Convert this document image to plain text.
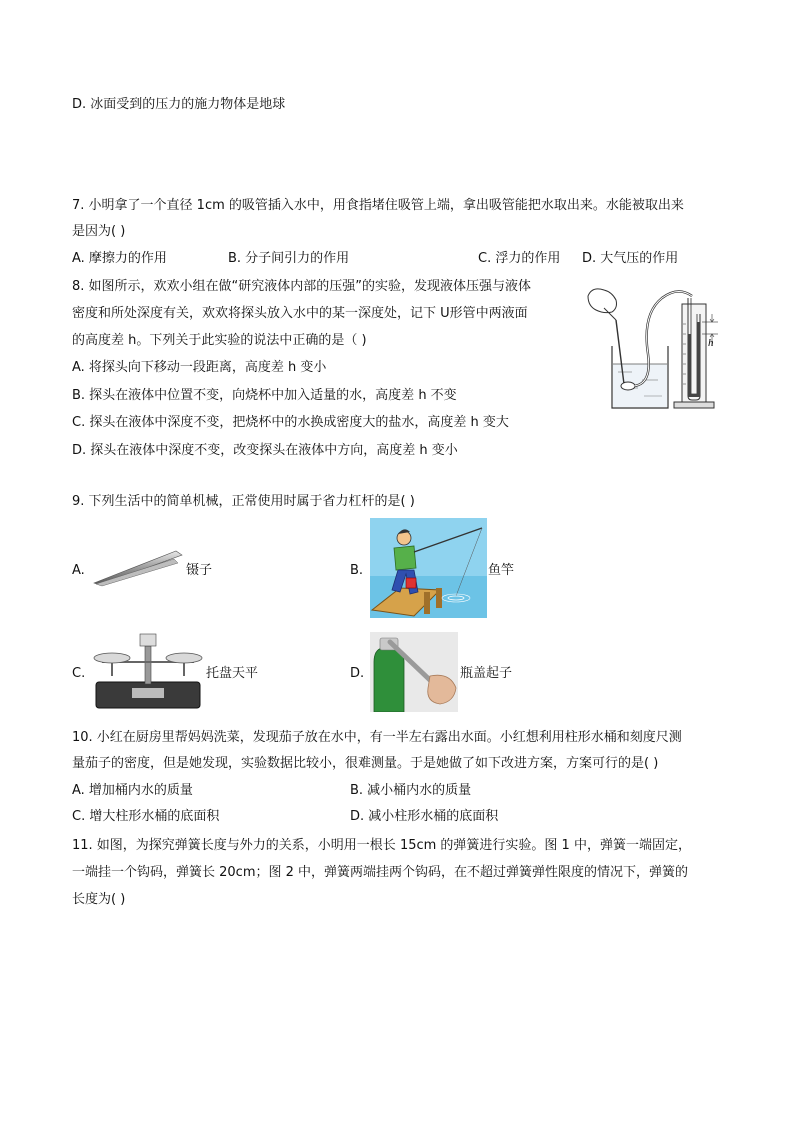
D. 冰面受到的压力的施力物体是地球
7. 小明拿了一个直径 1cm 的吸管插入水中，用食指堵住吸管上端，拿出吸管能把水取出来。水能被取出来
是因为( )
A. 摩擦力的作用	B. 分子间引力的作用	C. 浮力的作用 D. 大气压的作用
8. 如图所示，欢欢小组在做“研究液体内部的压强”的实验，发现液体压强与液体
密度和所处深度有关，欢欢将探头放入水中的某一深度处，记下 U形管中两液面
的高度差 h。下列关于此实验的说法中正确的是（ )
A. 将探头向下移动一段距离，高度差 h 变小
B. 探头在液体中位置不变，向烧杯中加入适量的水，高度差 h 不变
C. 探头在液体中深度不变，把烧杯中的水换成密度大的盐水，高度差 h 变大
D. 探头在液体中深度不变，改变探头在液体中方向，高度差 h 变小
h
9. 下列生活中的简单机械，正常使用时属于省力杠杆的是( )
A.	镊子	B.	鱼竿
C.	托盘天平	D.	瓶盖起子
10. 小红在厨房里帮妈妈洗菜，发现茄子放在水中，有一半左右露出水面。小红想利用柱形水桶和刻度尺测
量茄子的密度，但是她发现，实验数据比较小，很难测量。于是她做了如下改进方案，方案可行的是( )
A. 增加桶内水的质量	B. 减小桶内水的质量
C. 增大柱形水桶的底面积	D. 减小柱形水桶的底面积
11. 如图，为探究弹簧长度与外力的关系，小明用一根长 15cm 的弹簧进行实验。图 1 中，弹簧一端固定，
一端挂一个钩码，弹簧长 20cm；图 2 中，弹簧两端挂两个钩码，在不超过弹簧弹性限度的情况下，弹簧的
长度为( )
